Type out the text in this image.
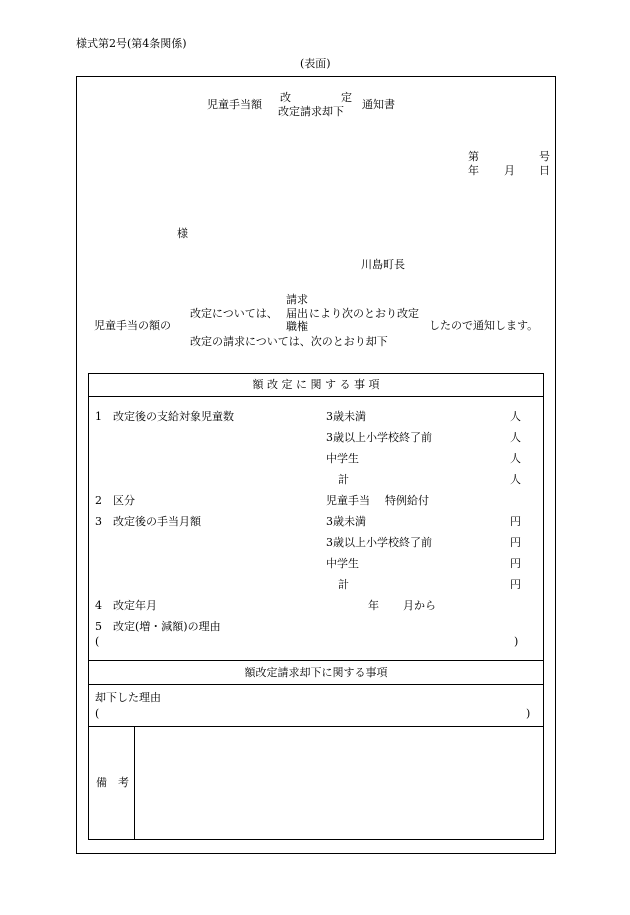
様式第2号(第4条関係)
(表面)
児童手当額
改	定
改定請求却下
通知書
第	号
年 月 日
様
川島町長
児童手当の額の
改定については、
請求
届出
職権
により次のとおり改定
改定の請求については、次のとおり却下
したので通知します。
額 改 定 に 関 す る 事 項
1　改定後の支給対象児童数	3歳未満	人
3歳以上小学校終了前	人
中学生	人
計	人
2　区分	児童手当 特例給付
3　改定後の手当月額	3歳未満	円
3歳以上小学校終了前	円
中学生	円
計	円
4　改定年月	年 月から
5　改定(増・減額)の理由
(	)
額改定請求却下に関する事項
却下した理由
(	)
備　考
